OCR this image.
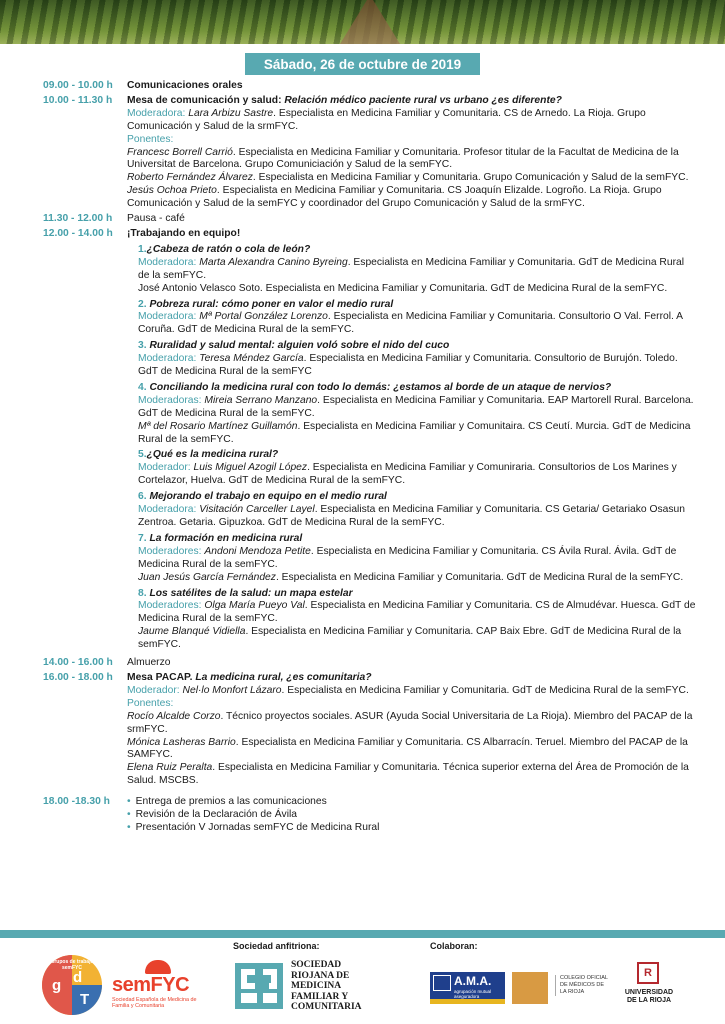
Sábado, 26 de octubre de 2019
09.00 - 10.00 h	Comunicaciones orales
10.00 - 11.30 h	Mesa de comunicación y salud: Relación médico paciente rural vs urbano ¿es diferente?
Moderadora: Lara Arbizu Sastre. Especialista en Medicina Familiar y Comunitaria. CS de Arnedo. La Rioja. Grupo Comunicación y Salud de la srmFYC.
Ponentes:
Francesc Borrell Carrió. Especialista en Medicina Familiar y Comunitaria. Profesor titular de la Facultat de Medicina de la Universitat de Barcelona. Grupo Comuniciación y Salud de la semFYC.
Roberto Fernández Álvarez. Especialista en Medicina Familiar y Comunitaria. Grupo Comunicación y Salud de la semFYC.
Jesús Ochoa Prieto. Especialista en Medicina Familiar y Comunitaria. CS Joaquín Elizalde. Logroño. La Rioja. Grupo Comunicación y Salud de la semFYC y coordinador del Grupo Comunicación y Salud de la srmFYC.
11.30 - 12.00 h	Pausa - café
12.00 - 14.00 h	¡Trabajando en equipo!
1.¿Cabeza de ratón o cola de león?
Moderadora: Marta Alexandra Canino Byreing. Especialista en Medicina Familiar y Comunitaria. GdT de Medicina Rural de la semFYC.
José Antonio Velasco Soto. Especialista en Medicina Familiar y Comunitaria. GdT de Medicina Rural de la semFYC.
2. Pobreza rural: cómo poner en valor el medio rural
Moderadora: Mª Portal González Lorenzo. Especialista en Medicina Familiar y Comunitaria. Consultorio O Val. Ferrol. A Coruña. GdT de Medicina Rural de la semFYC.
3. Ruralidad y salud mental: alguien voló sobre el nido del cuco
Moderadora: Teresa Méndez García. Especialista en Medicina Familiar y Comunitaria. Consultorio de Burujón. Toledo. GdT de Medicina Rural de la semFYC
4. Conciliando la medicina rural con todo lo demás: ¿estamos al borde de un ataque de nervios?
Moderadoras: Mireia Serrano Manzano. Especialista en Medicina Familiar y Comunitaria. EAP Martorell Rural. Barcelona. GdT de Medicina Rural de la semFYC.
Mª del Rosario Martínez Guillamón. Especialista en Medicina Familiar y Comunitaira. CS Ceutí. Murcia. GdT de Medicina Rural de la semFYC.
5.¿Qué es la medicina rural?
Moderador: Luis Miguel Azogil López. Especialista en Medicina Familiar y Comuniraria. Consultorios de Los Marines y Cortelazor, Huelva. GdT de Medicina Rural de la semFYC.
6. Mejorando el trabajo en equipo en el medio rural
Moderadora: Visitación Carceller Layel. Especialista en Medicina Familiar y Comunitaria. CS Getaria/ Getariako Osasun Zentroa. Getaria. Gipuzkoa. GdT de Medicina Rural de la semFYC.
7. La formación en medicina rural
Moderadores: Andoni Mendoza Petite. Especialista en Medicina Familiar y Comunitaria. CS Ávila Rural. Ávila. GdT de Medicina Rural de la semFYC.
Juan Jesús García Fernández. Especialista en Medicina Familiar y Comunitaria. GdT de Medicina Rural de la semFYC.
8. Los satélites de la salud: un mapa estelar
Moderadores: Olga María Pueyo Val. Especialista en Medicina Familiar y Comunitaria. CS de Almudévar. Huesca. GdT de Medicina Rural de la semFYC.
Jaume Blanqué Vidiella. Especialista en Medicina Familiar y Comunitaria. CAP Baix Ebre. GdT de Medicina Rural de la semFYC.
14.00 - 16.00 h	Almuerzo
16.00 - 18.00 h	Mesa PACAP. La medicina rural, ¿es comunitaria?
Moderador: Nel·lo Monfort Lázaro. Especialista en Medicina Familiar y Comunitaria. GdT de Medicina Rural de la semFYC.
Ponentes:
Rocío Alcalde Corzo. Técnico proyectos sociales. ASUR (Ayuda Social Universitaria de La Rioja). Miembro del PACAP de la srmFYC.
Mónica Lasheras Barrio. Especialista en Medicina Familiar y Comunitaria. CS Albarracín. Teruel. Miembro del PACAP de la SAMFYC.
Elena Ruiz Peralta. Especialista en Medicina Familiar y Comunitaria. Técnica superior externa del Área de Promoción de la Salud. MSCBS.
18.00 -18.30 h
•	Entrega de premios a las comunicaciones
• Revisión de la Declaración de Ávila
• Presentación V Jornadas semFYC de Medicina Rural
Sociedad anfitriona:	Colaboran:
Grupos de trabajo semFYC
g d
T
semFYC
Sociedad Española de Medicina de Familia y Comunitaria
SOCIEDAD
RIOJANA DE
MEDICINA
FAMILIAR Y
COMUNITARIA
A.M.A.
agrupación mutual aseguradora
COLEGIO OFICIAL
DE MÉDICOS DE
LA RIOJA
R
UNIVERSIDAD
DE LA RIOJA
